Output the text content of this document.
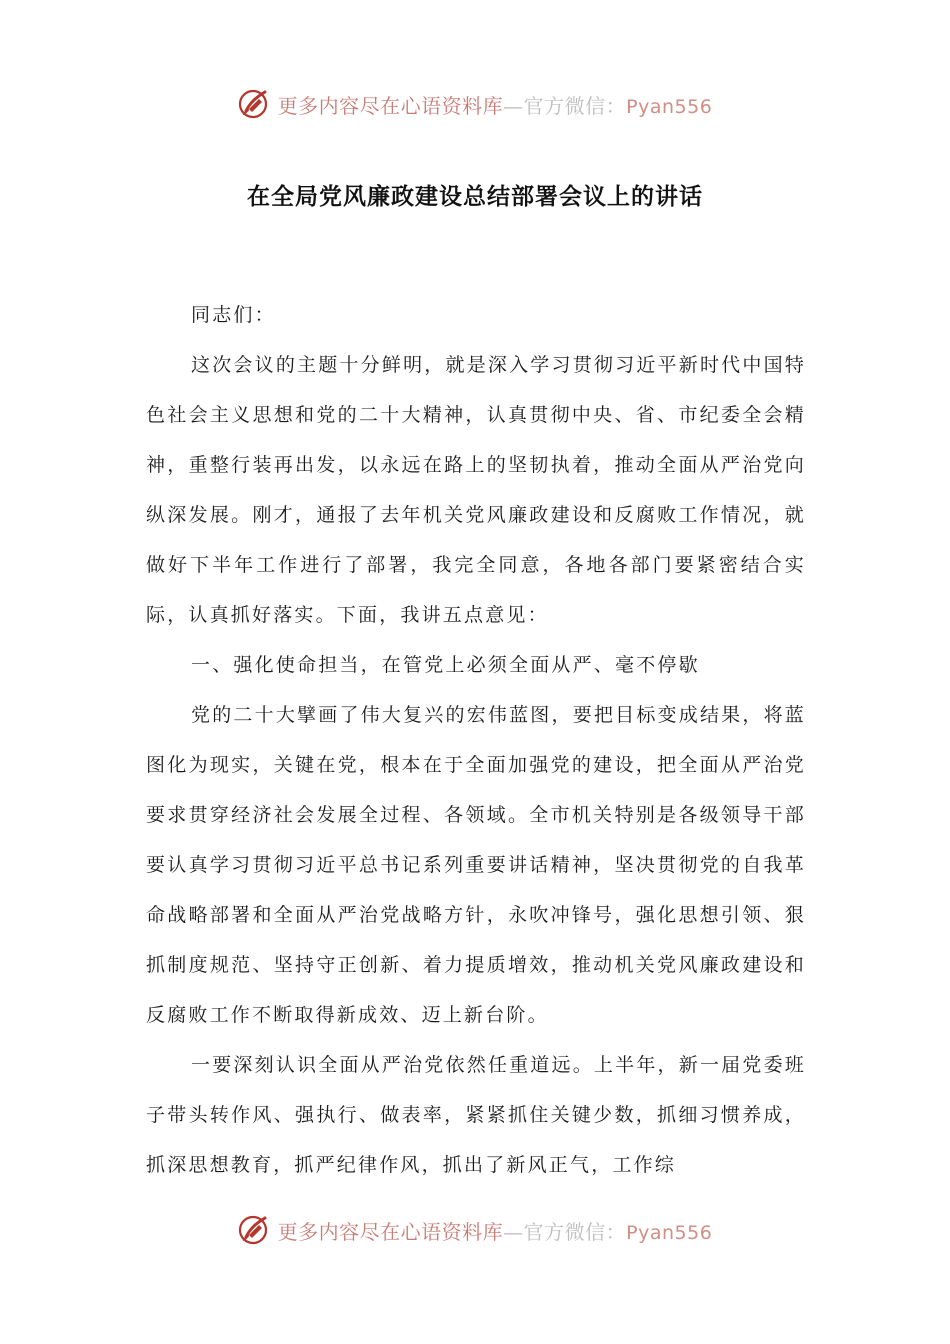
更多内容尽在心语资料库—官方微信：Pyan556
在全局党风廉政建设总结部署会议上的讲话

同志们：

这次会议的主题十分鲜明，就是深入学习贯彻习近平新时代中国特色社会主义思想和党的二十大精神，认真贯彻中央、省、市纪委全会精神，重整行装再出发，以永远在路上的坚韧执着，推动全面从严治党向纵深发展。刚才，通报了去年机关党风廉政建设和反腐败工作情况，就做好下半年工作进行了部署，我完全同意，各地各部门要紧密结合实际，认真抓好落实。下面，我讲五点意见：

一、强化使命担当，在管党上必须全面从严、毫不停歇

党的二十大擘画了伟大复兴的宏伟蓝图，要把目标变成结果，将蓝图化为现实，关键在党，根本在于全面加强党的建设，把全面从严治党要求贯穿经济社会发展全过程、各领域。全市机关特别是各级领导干部要认真学习贯彻习近平总书记系列重要讲话精神，坚决贯彻党的自我革命战略部署和全面从严治党战略方针，永吹冲锋号，强化思想引领、狠抓制度规范、坚持守正创新、着力提质增效，推动机关党风廉政建设和反腐败工作不断取得新成效、迈上新台阶。

一要深刻认识全面从严治党依然任重道远。上半年，新一届党委班子带头转作风、强执行、做表率，紧紧抓住关键少数，抓细习惯养成，抓深思想教育，抓严纪律作风，抓出了新风正气，工作综

更多内容尽在心语资料库—官方微信：Pyan556
